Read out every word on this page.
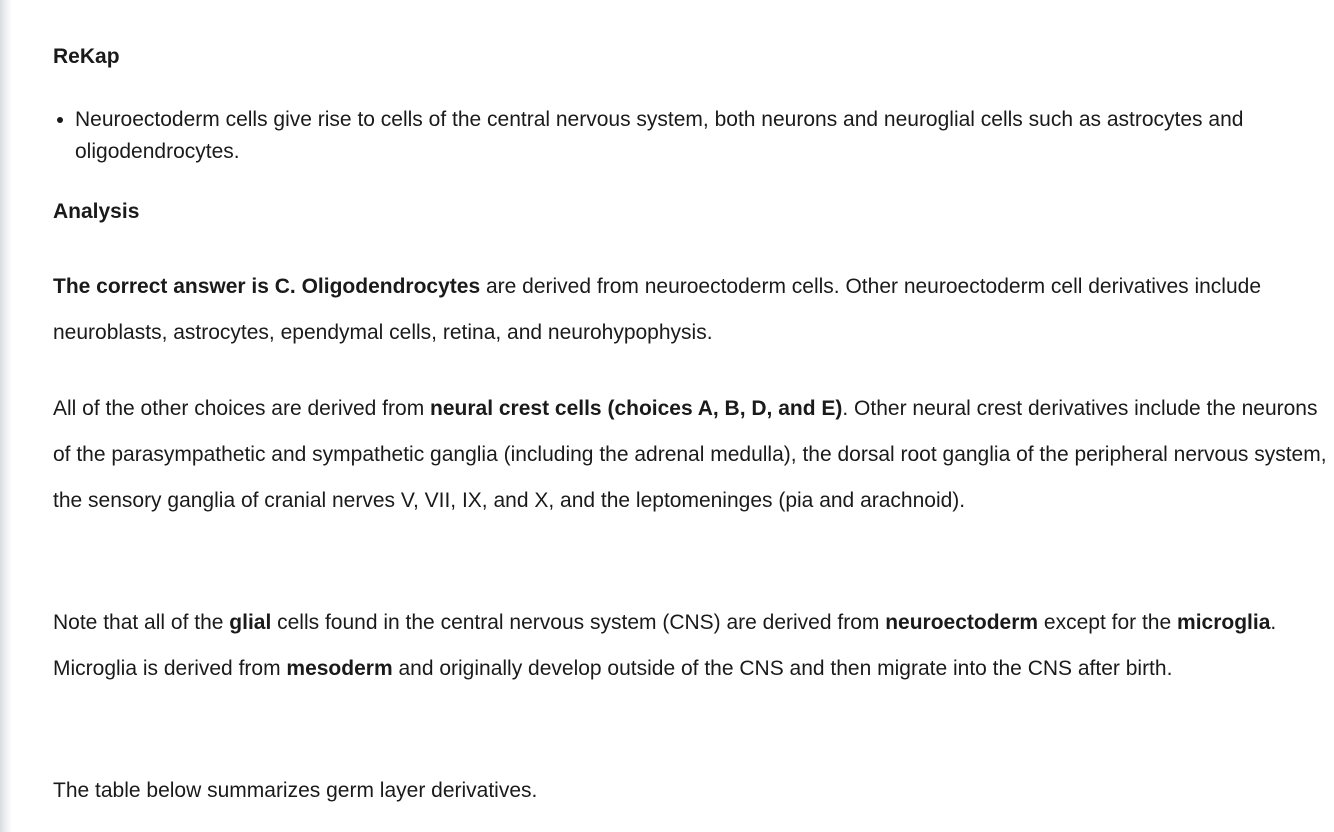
ReKap
Neuroectoderm cells give rise to cells of the central nervous system, both neurons and neuroglial cells such as astrocytes and oligodendrocytes.
Analysis

The correct answer is C. Oligodendrocytes are derived from neuroectoderm cells. Other neuroectoderm cell derivatives include neuroblasts, astrocytes, ependymal cells, retina, and neurohypophysis.

All of the other choices are derived from neural crest cells (choices A, B, D, and E). Other neural crest derivatives include the neurons of the parasympathetic and sympathetic ganglia (including the adrenal medulla), the dorsal root ganglia of the peripheral nervous system, the sensory ganglia of cranial nerves V, VII, IX, and X, and the leptomeninges (pia and arachnoid).

Note that all of the glial cells found in the central nervous system (CNS) are derived from neuroectoderm except for the microglia. Microglia is derived from mesoderm and originally develop outside of the CNS and then migrate into the CNS after birth.

The table below summarizes germ layer derivatives.
